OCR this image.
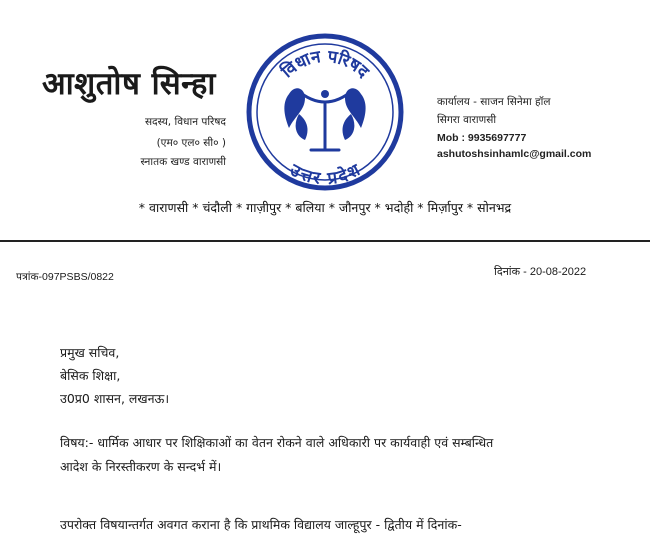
आशुतोष सिन्हा
सदस्य, विधान परिषद
(एम० एल० सी० )
स्नातक खण्ड वाराणसी
विधान परिषद
उत्तर प्रदेश
कार्यालय - साजन सिनेमा हॉल
सिगरा वाराणसी
Mob : 9935697777
ashutoshsinhamlc@gmail.com
* वाराणसी * चंदौली * गाज़ीपुर * बलिया * जौनपुर * भदोही * मिर्ज़ापुर * सोनभद्र
पत्रांक-097PSBS/0822	दिनांक - 20-08-2022
प्रमुख सचिव,
बेसिक शिक्षा,
उ0प्र0 शासन, लखनऊ।
विषय:- धार्मिक आधार पर शिक्षिकाओं का वेतन रोकने वाले अधिकारी पर कार्यवाही एवं सम्बन्धित
आदेश के निरस्तीकरण के सन्दर्भ में।
उपरोक्त विषयान्तर्गत अवगत कराना है कि प्राथमिक विद्यालय जाल्हूपुर - द्वितीय में दिनांक-
